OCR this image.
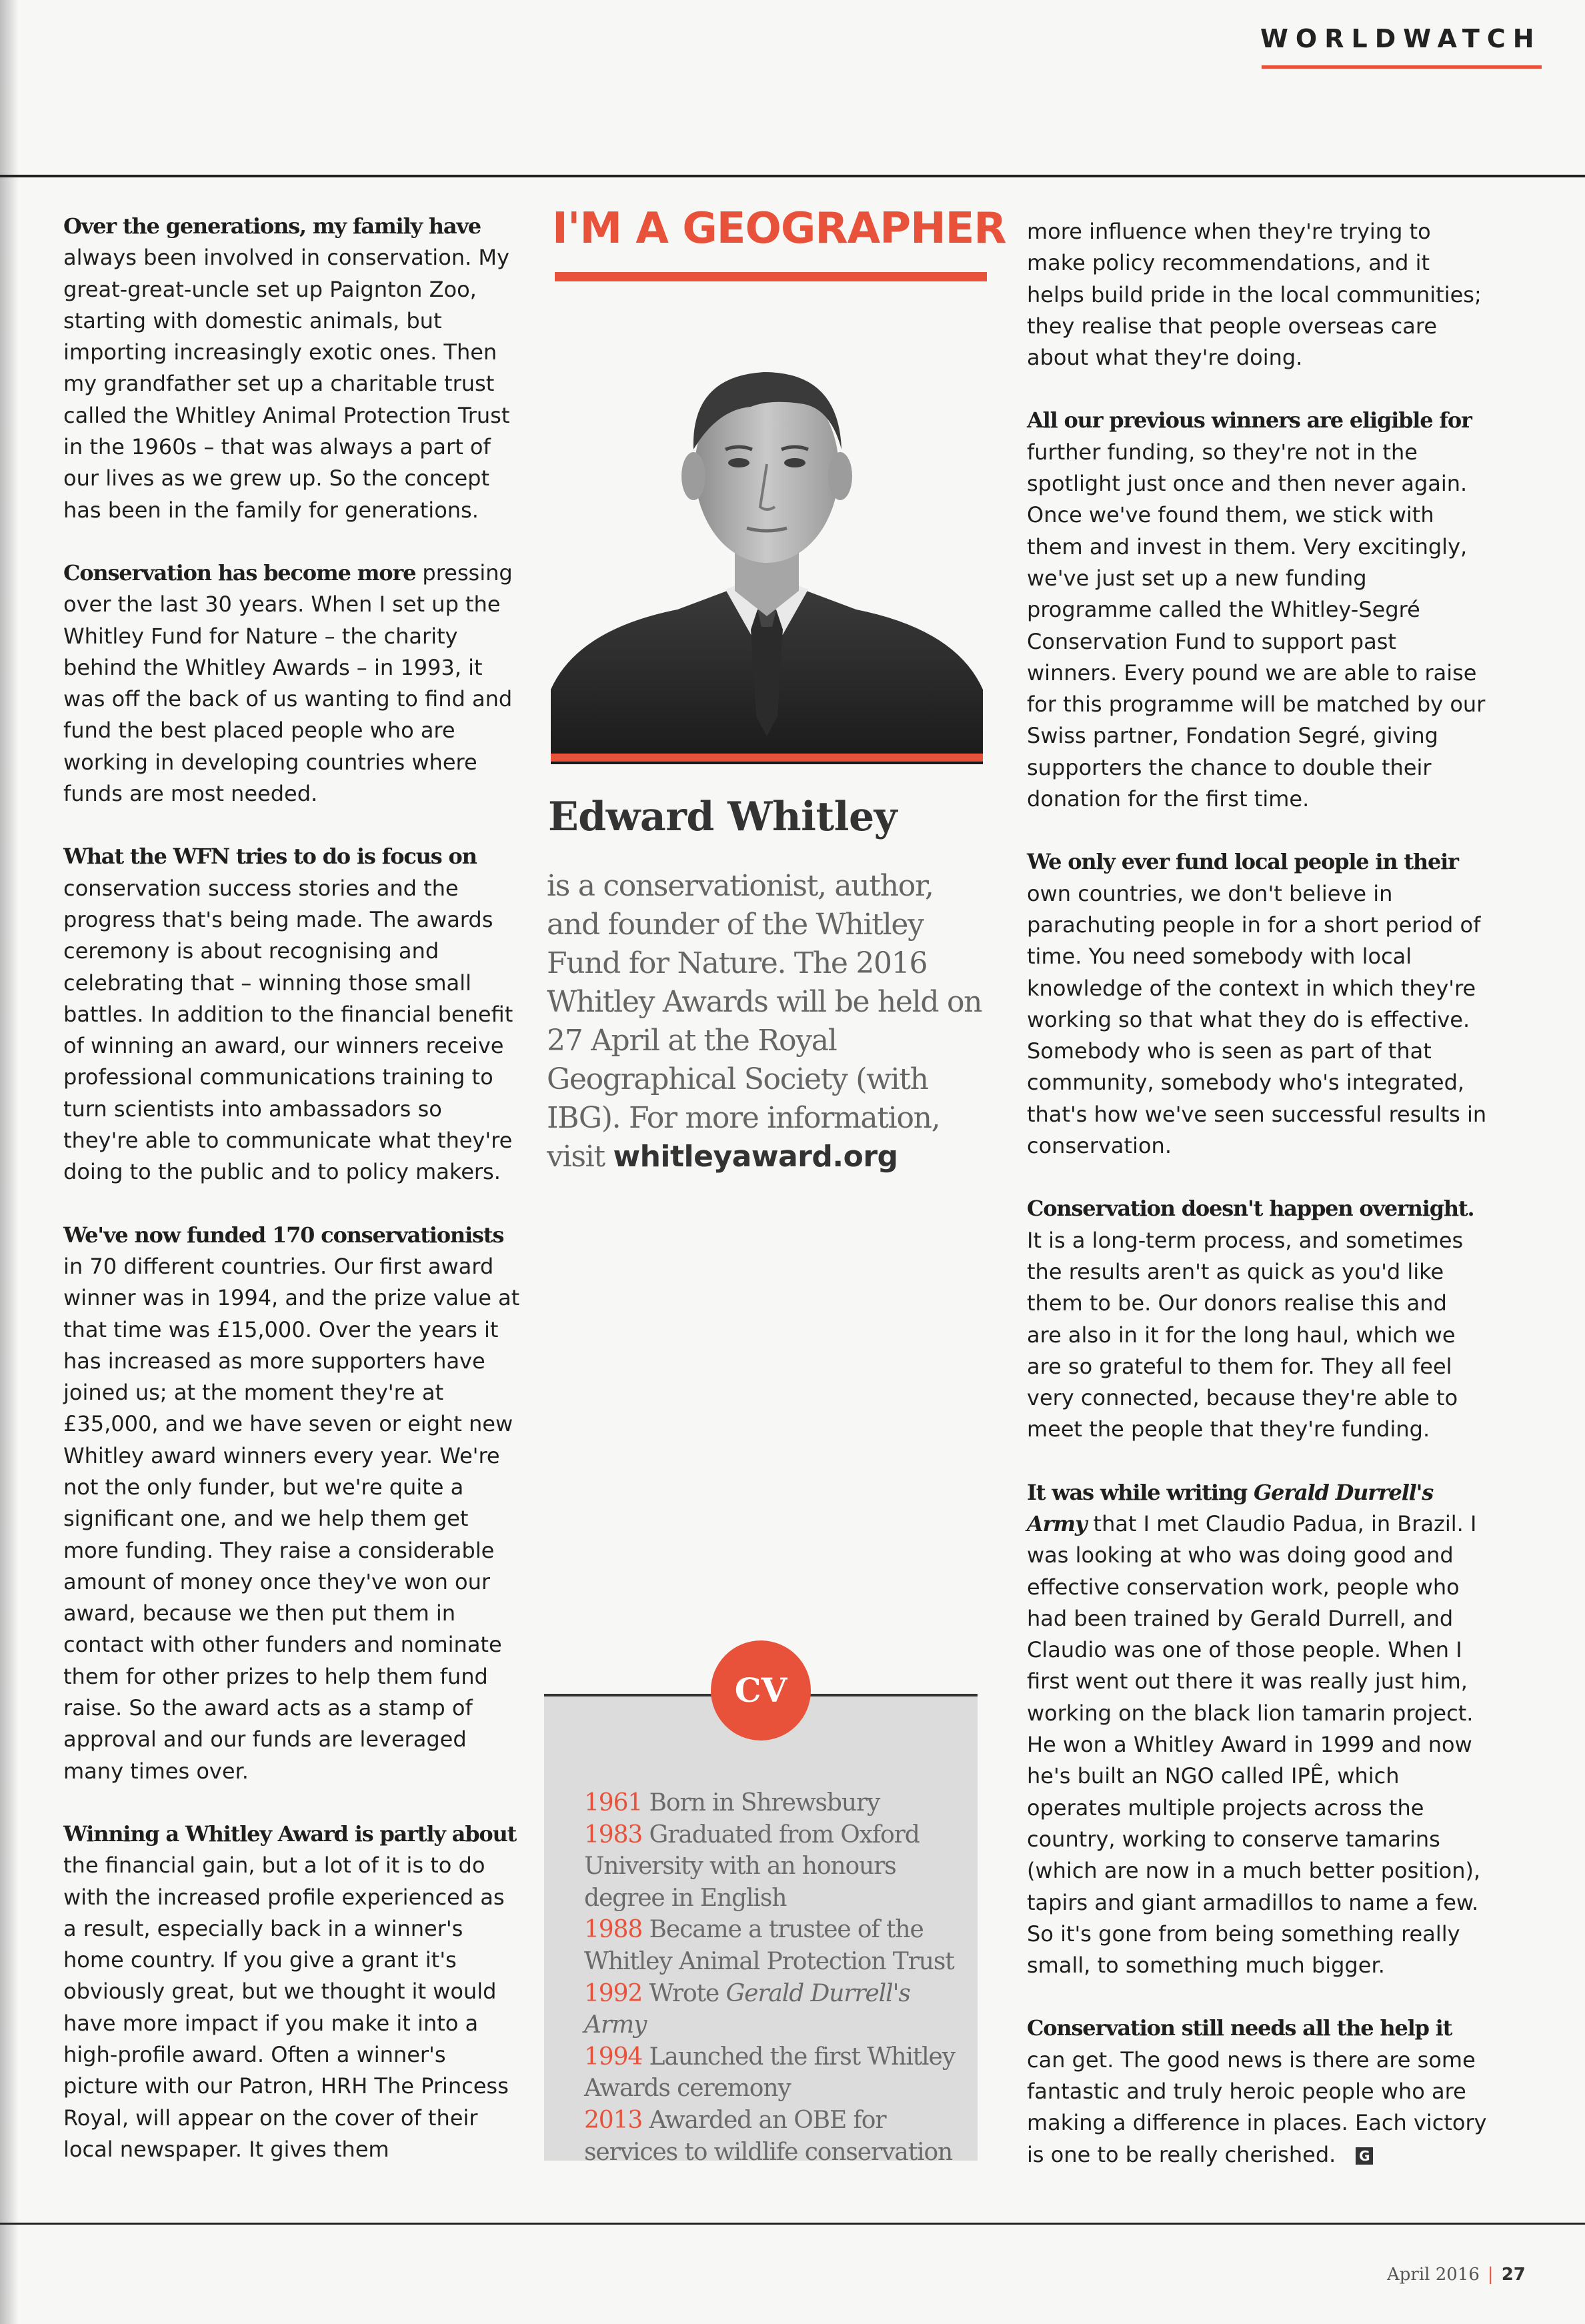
WORLDWATCH

Over the generations, my family have always been involved in conservation. My great-great-uncle set up Paignton Zoo, starting with domestic animals, but importing increasingly exotic ones. Then my grandfather set up a charitable trust called the Whitley Animal Protection Trust in the 1960s – that was always a part of our lives as we grew up. So the concept has been in the family for generations.

Conservation has become more pressing over the last 30 years. When I set up the Whitley Fund for Nature – the charity behind the Whitley Awards – in 1993, it was off the back of us wanting to find and fund the best placed people who are working in developing countries where funds are most needed.

What the WFN tries to do is focus on conservation success stories and the progress that's being made. The awards ceremony is about recognising and celebrating that – winning those small battles. In addition to the financial benefit of winning an award, our winners receive professional communications training to turn scientists into ambassadors so they're able to communicate what they're doing to the public and to policy makers.

We've now funded 170 conservationists in 70 different countries. Our first award winner was in 1994, and the prize value at that time was £15,000. Over the years it has increased as more supporters have joined us; at the moment they're at £35,000, and we have seven or eight new Whitley award winners every year. We're not the only funder, but we're quite a significant one, and we help them get more funding. They raise a considerable amount of money once they've won our award, because we then put them in contact with other funders and nominate them for other prizes to help them fund raise. So the award acts as a stamp of approval and our funds are leveraged many times over.

Winning a Whitley Award is partly about the financial gain, but a lot of it is to do with the increased profile experienced as a result, especially back in a winner's home country. If you give a grant it's obviously great, but we thought it would have more impact if you make it into a high-profile award. Often a winner's picture with our Patron, HRH The Princess Royal, will appear on the cover of their local newspaper. It gives them

I'M A GEOGRAPHER
Edward Whitley
is a conservationist, author, and founder of the Whitley Fund for Nature. The 2016 Whitley Awards will be held on 27 April at the Royal Geographical Society (with IBG). For more information, visit whitleyaward.org
CV

1961 Born in Shrewsbury

1983 Graduated from Oxford University with an honours degree in English

1988 Became a trustee of the Whitley Animal Protection Trust

1992 Wrote Gerald Durrell's Army

1994 Launched the first Whitley Awards ceremony

2013 Awarded an OBE for services to wildlife conservation

more influence when they're trying to make policy recommendations, and it helps build pride in the local communities; they realise that people overseas care about what they're doing.

All our previous winners are eligible for further funding, so they're not in the spotlight just once and then never again. Once we've found them, we stick with them and invest in them. Very excitingly, we've just set up a new funding programme called the Whitley-Segré Conservation Fund to support past winners. Every pound we are able to raise for this programme will be matched by our Swiss partner, Fondation Segré, giving supporters the chance to double their donation for the first time.

We only ever fund local people in their own countries, we don't believe in parachuting people in for a short period of time. You need somebody with local knowledge of the context in which they're working so that what they do is effective. Somebody who is seen as part of that community, somebody who's integrated, that's how we've seen successful results in conservation.

Conservation doesn't happen overnight. It is a long-term process, and sometimes the results aren't as quick as you'd like them to be. Our donors realise this and are also in it for the long haul, which we are so grateful to them for. They all feel very connected, because they're able to meet the people that they're funding.

It was while writing Gerald Durrell's Army that I met Claudio Padua, in Brazil. I was looking at who was doing good and effective conservation work, people who had been trained by Gerald Durrell, and Claudio was one of those people. When I first went out there it was really just him, working on the black lion tamarin project. He won a Whitley Award in 1999 and now he's built an NGO called IPÊ, which operates multiple projects across the country, working to conserve tamarins (which are now in a much better position), tapirs and giant armadillos to name a few. So it's gone from being something really small, to something much bigger.

Conservation still needs all the help it can get. The good news is there are some fantastic and truly heroic people who are making a difference in places. Each victory is one to be really cherished. G

April 2016 | 27
